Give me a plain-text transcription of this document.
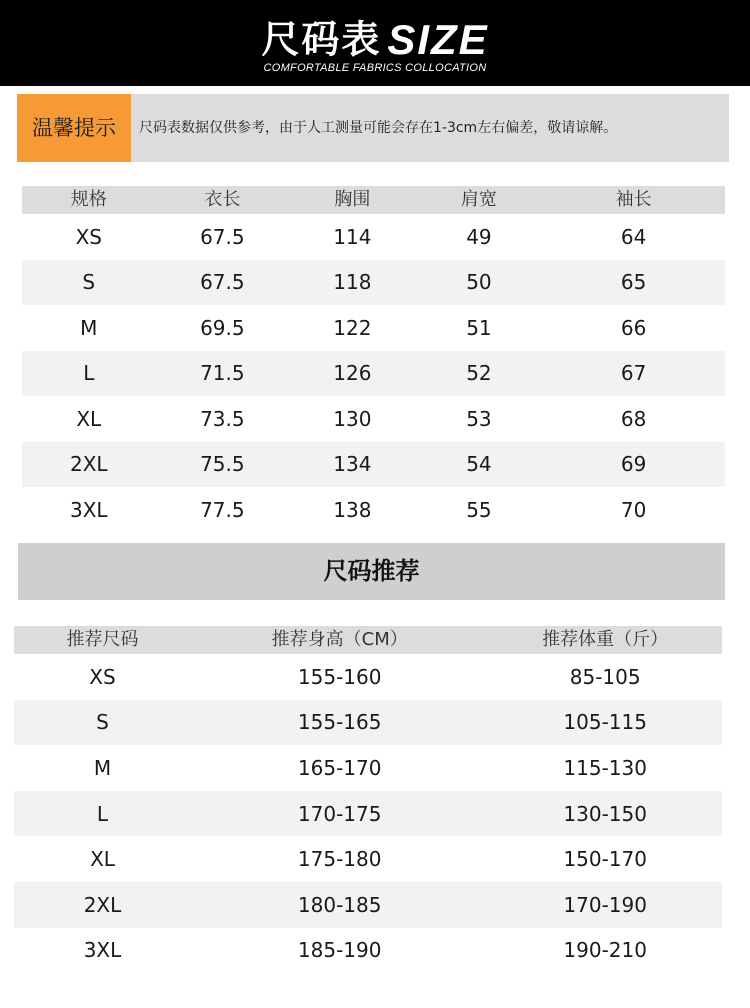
尺码表 SIZE
COMFORTABLE FABRICS COLLOCATION
温馨提示	尺码表数据仅供参考，由于人工测量可能会存在1-3cm左右偏差，敬请谅解。
规格	衣长	胸围	肩宽	袖长
XS	67.5	114	49	64
S	67.5	118	50	65
M	69.5	122	51	66
L	71.5	126	52	67
XL	73.5	130	53	68
2XL	75.5	134	54	69
3XL	77.5	138	55	70
尺码推荐
推荐尺码	推荐身高（CM）	推荐体重（斤）
XS	155-160	85-105
S	155-165	105-115
M	165-170	115-130
L	170-175	130-150
XL	175-180	150-170
2XL	180-185	170-190
3XL	185-190	190-210
